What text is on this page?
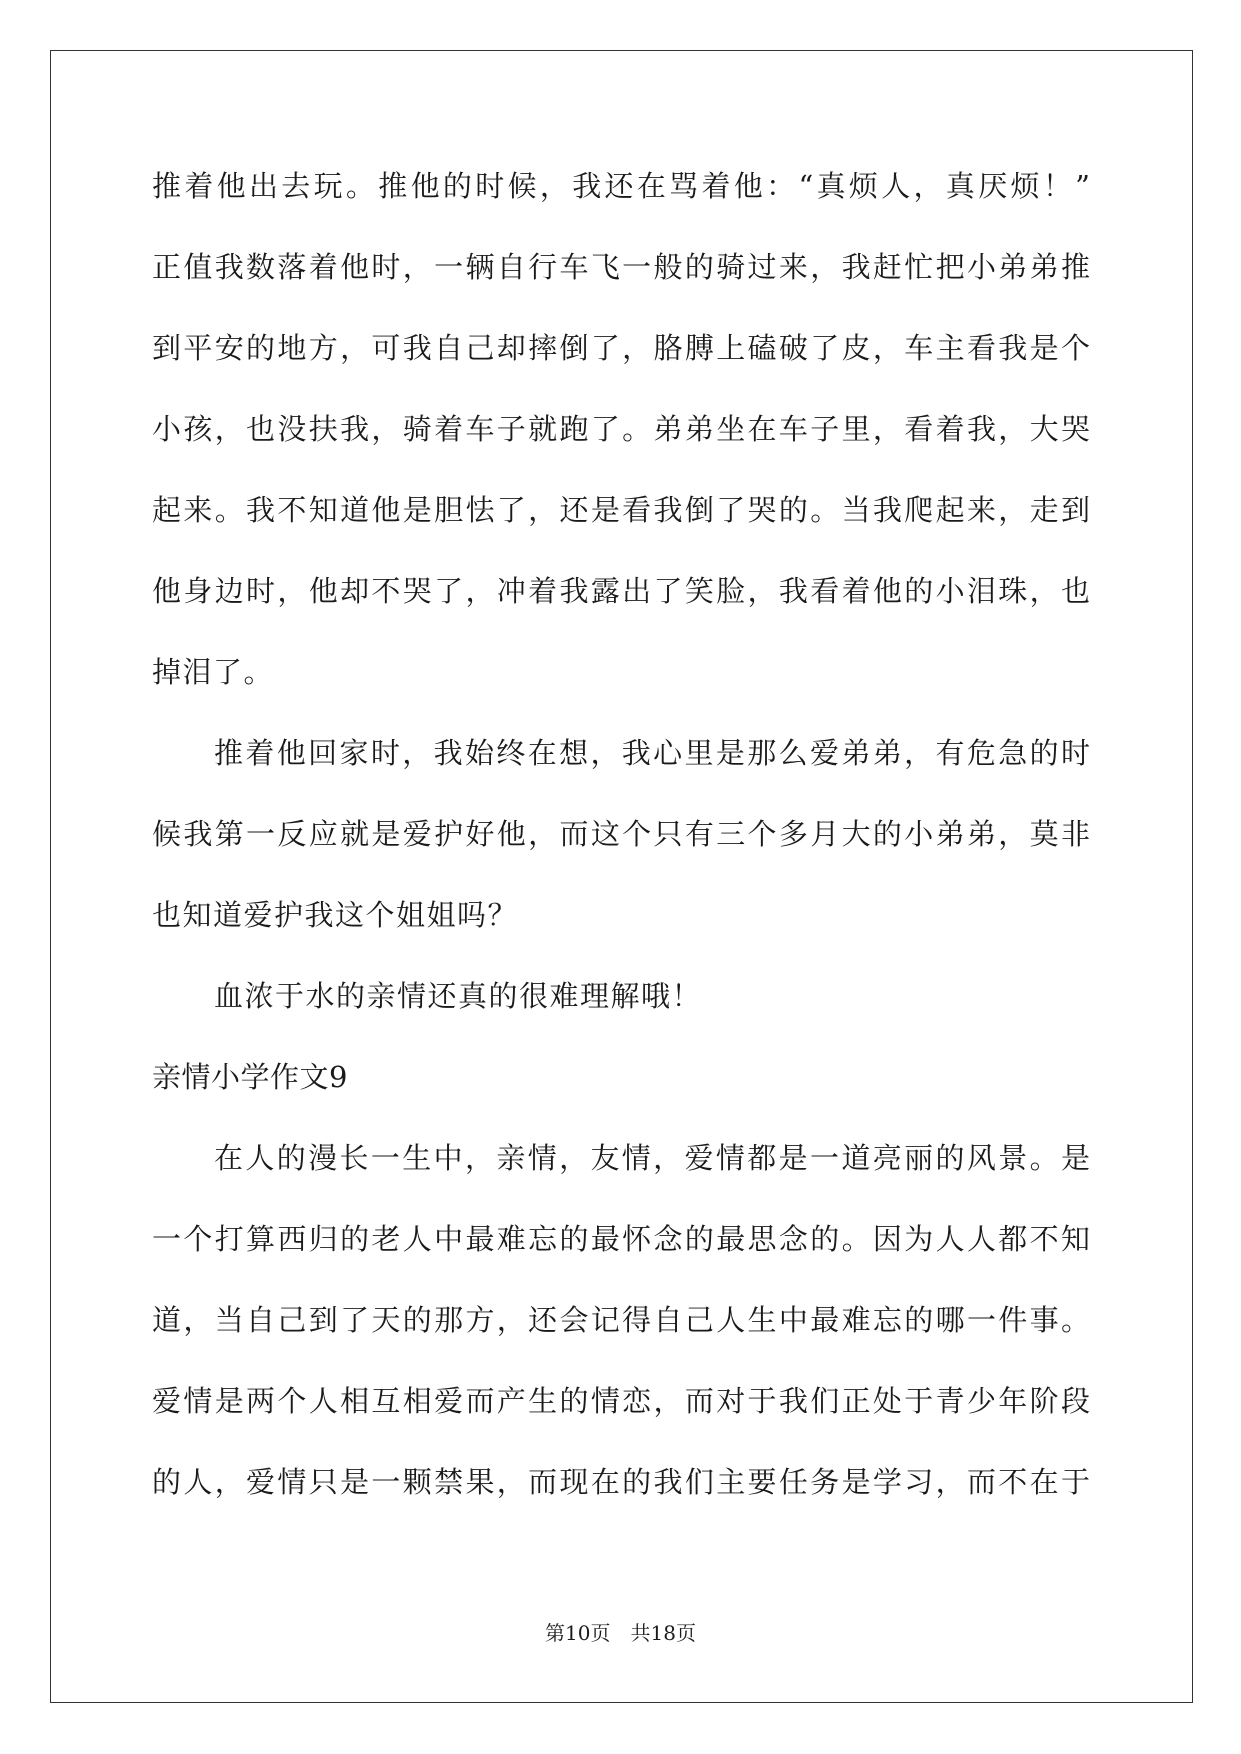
推着他出去玩。推他的时候，我还在骂着他：“真烦人，真厌烦！”
正值我数落着他时，一辆自行车飞一般的骑过来，我赶忙把小弟弟推
到平安的地方，可我自己却摔倒了，胳膊上磕破了皮，车主看我是个
小孩，也没扶我，骑着车子就跑了。弟弟坐在车子里，看着我，大哭
起来。我不知道他是胆怯了，还是看我倒了哭的。当我爬起来，走到
他身边时，他却不哭了，冲着我露出了笑脸，我看着他的小泪珠，也
掉泪了。
推着他回家时，我始终在想，我心里是那么爱弟弟，有危急的时
候我第一反应就是爱护好他，而这个只有三个多月大的小弟弟，莫非
也知道爱护我这个姐姐吗？
血浓于水的亲情还真的很难理解哦！
亲情小学作文9
在人的漫长一生中，亲情，友情，爱情都是一道亮丽的风景。是
一个打算西归的老人中最难忘的最怀念的最思念的。因为人人都不知
道，当自己到了天的那方，还会记得自己人生中最难忘的哪一件事。
爱情是两个人相互相爱而产生的情恋，而对于我们正处于青少年阶段
的人，爱情只是一颗禁果，而现在的我们主要任务是学习，而不在于
第10页　共18页
